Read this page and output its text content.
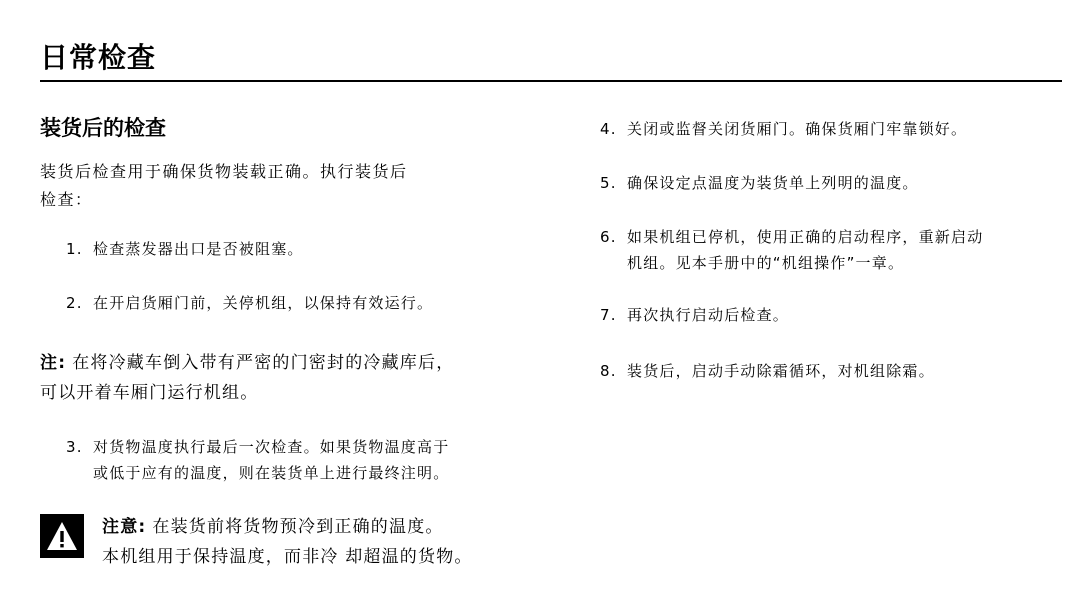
日常检查
装货后的检查

装货后检查用于确保货物装载正确。执行装货后
检查：

1. 检查蒸发器出口是否被阻塞。
2. 在开启货厢门前，关停机组，以保持有效运行。
注: 在将冷藏车倒入带有严密的门密封的冷藏库后，
可以开着车厢门运行机组。
3. 对货物温度执行最后一次检查。如果货物温度高于
或低于应有的温度，则在装货单上进行最终注明。
注意: 在装货前将货物预冷到正确的温度。
本机组用于保持温度，而非冷 却超温的货物。
4. 关闭或监督关闭货厢门。确保货厢门牢靠锁好。
5. 确保设定点温度为装货单上列明的温度。
6. 如果机组已停机，使用正确的启动程序，重新启动
机组。见本手册中的“机组操作”一章。
7. 再次执行启动后检查。
8. 装货后，启动手动除霜循环，对机组除霜。
